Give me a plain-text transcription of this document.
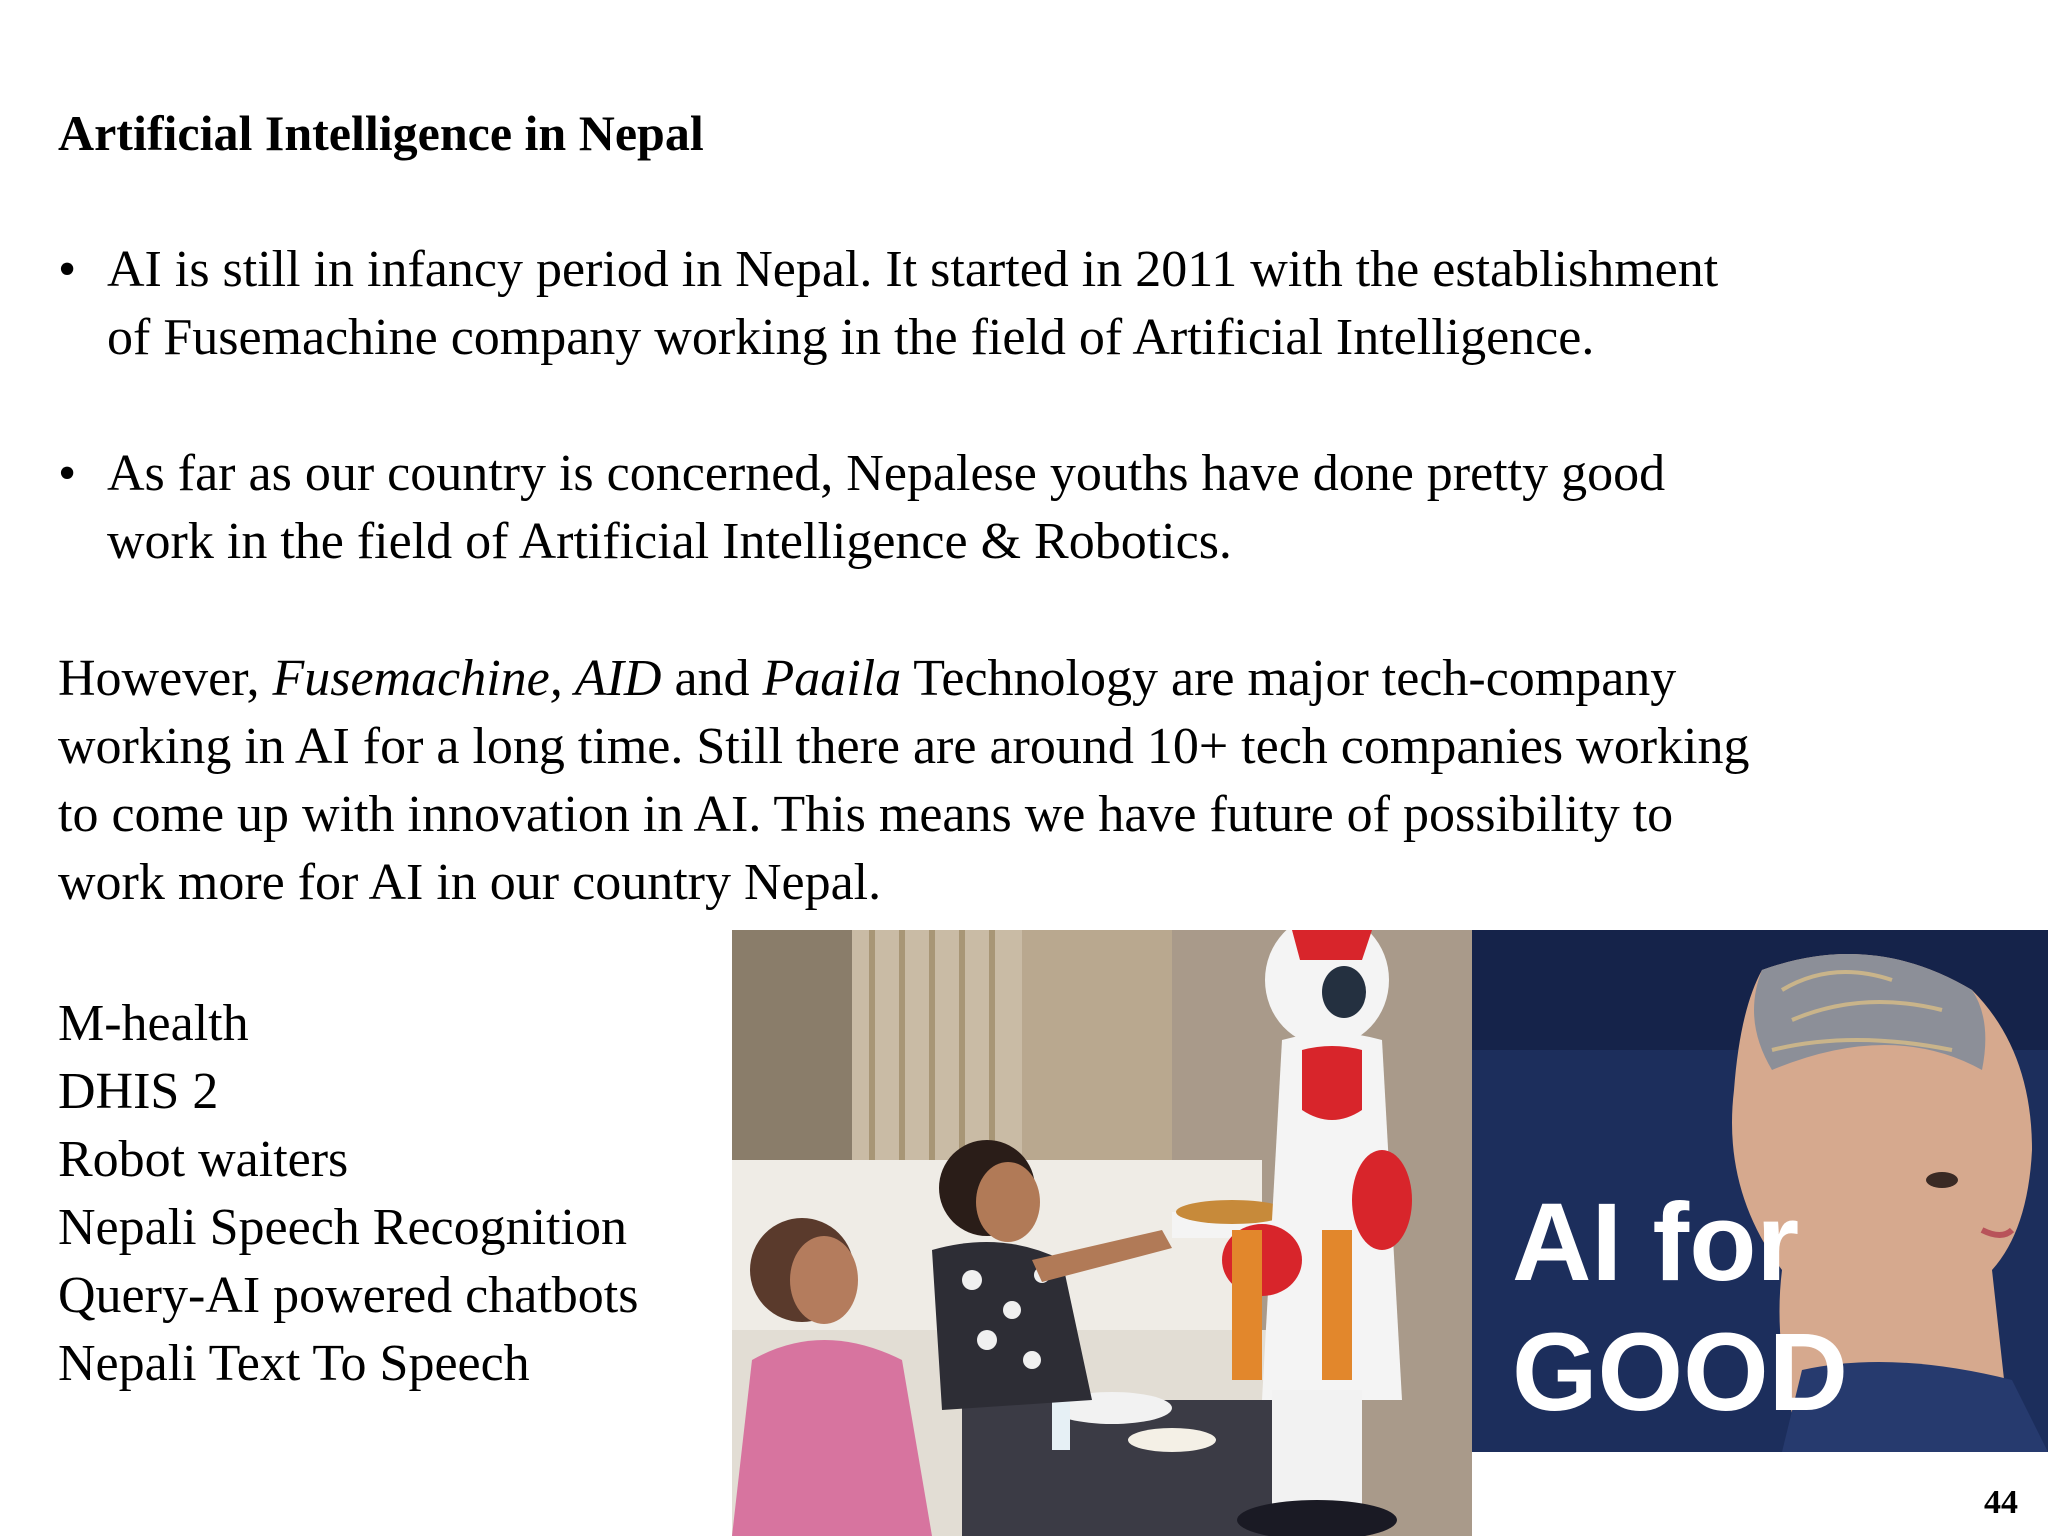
Artificial Intelligence in Nepal
• AI is still in infancy period in Nepal. It started in 2011 with the establishment
of Fusemachine company working in the field of Artificial Intelligence.
• As far as our country is concerned, Nepalese youths have done pretty good
work in the field of Artificial Intelligence & Robotics.
However, Fusemachine, AID and Paaila Technology are major tech-company
working in AI for a long time. Still there are around 10+ tech companies working
to come up with innovation in AI. This means we have future of possibility to
work more for AI in our country Nepal.
M-health
DHIS 2
Robot waiters
Nepali Speech Recognition
Query-AI powered chatbots
Nepali Text To Speech
AI for
GOOD
44
